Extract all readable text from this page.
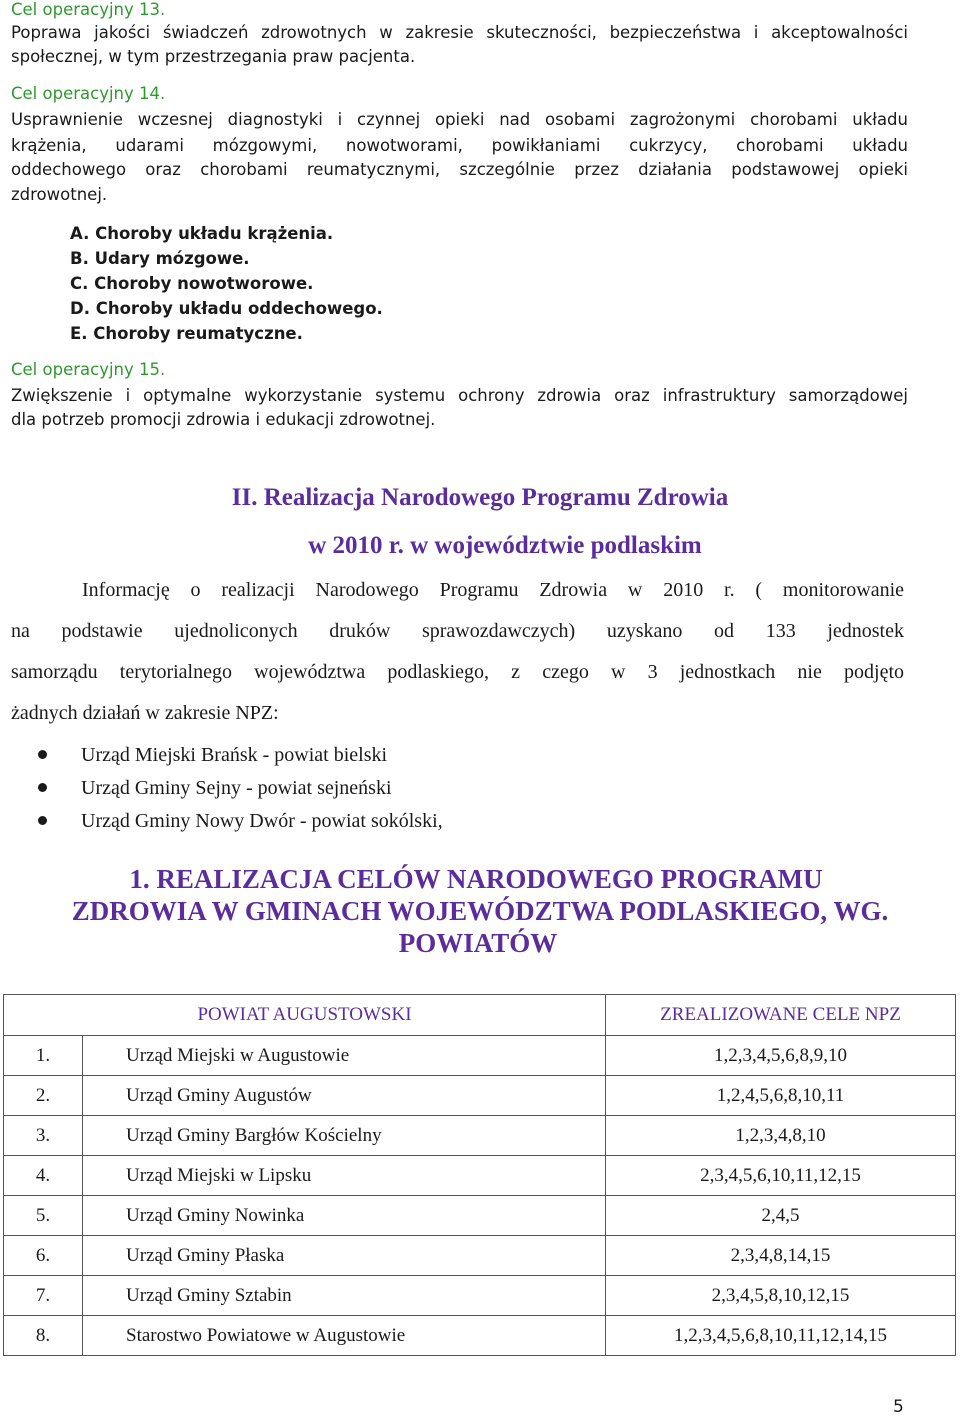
Cel operacyjny 13.
Poprawa jakości świadczeń zdrowotnych w zakresie skuteczności, bezpieczeństwa i akceptowalności
społecznej, w tym przestrzegania praw pacjenta.
Cel operacyjny 14.
Usprawnienie wczesnej diagnostyki i czynnej opieki nad osobami zagrożonymi chorobami układu
krążenia, udarami mózgowymi, nowotworami, powikłaniami cukrzycy, chorobami układu
oddechowego oraz chorobami reumatycznymi, szczególnie przez działania podstawowej opieki
zdrowotnej.
A. Choroby układu krążenia.
B. Udary mózgowe.
C. Choroby nowotworowe.
D. Choroby układu oddechowego.
E. Choroby reumatyczne.
Cel operacyjny 15.
Zwiększenie i optymalne wykorzystanie systemu ochrony zdrowia oraz infrastruktury samorządowej
dla potrzeb promocji zdrowia i edukacji zdrowotnej.
II. Realizacja Narodowego Programu Zdrowia
w 2010 r. w województwie podlaskim
Informację o realizacji Narodowego Programu Zdrowia w 2010 r. ( monitorowanie
na podstawie ujednoliconych druków sprawozdawczych) uzyskano od 133 jednostek
samorządu terytorialnego województwa podlaskiego, z czego w 3 jednostkach nie podjęto
żadnych działań w zakresie NPZ:
Urząd Miejski Brańsk - powiat bielski
Urząd Gminy Sejny - powiat sejneński
Urząd Gminy Nowy Dwór - powiat sokólski,
1. REALIZACJA CELÓW NARODOWEGO PROGRAMU
ZDROWIA W GMINACH WOJEWÓDZTWA PODLASKIEGO, WG.
POWIATÓW
POWIAT AUGUSTOWSKI		ZREALIZOWANE CELE NPZ
1.	Urząd Miejski w Augustowie	1,2,3,4,5,6,8,9,10
2.	Urząd Gminy Augustów	1,2,4,5,6,8,10,11
3.	Urząd Gminy Bargłów Kościelny	1,2,3,4,8,10
4.	Urząd Miejski w Lipsku	2,3,4,5,6,10,11,12,15
5.	Urząd Gminy Nowinka	2,4,5
6.	Urząd Gminy Płaska	2,3,4,8,14,15
7.	Urząd Gminy Sztabin	2,3,4,5,8,10,12,15
8.	Starostwo Powiatowe w Augustowie	1,2,3,4,5,6,8,10,11,12,14,15
5
